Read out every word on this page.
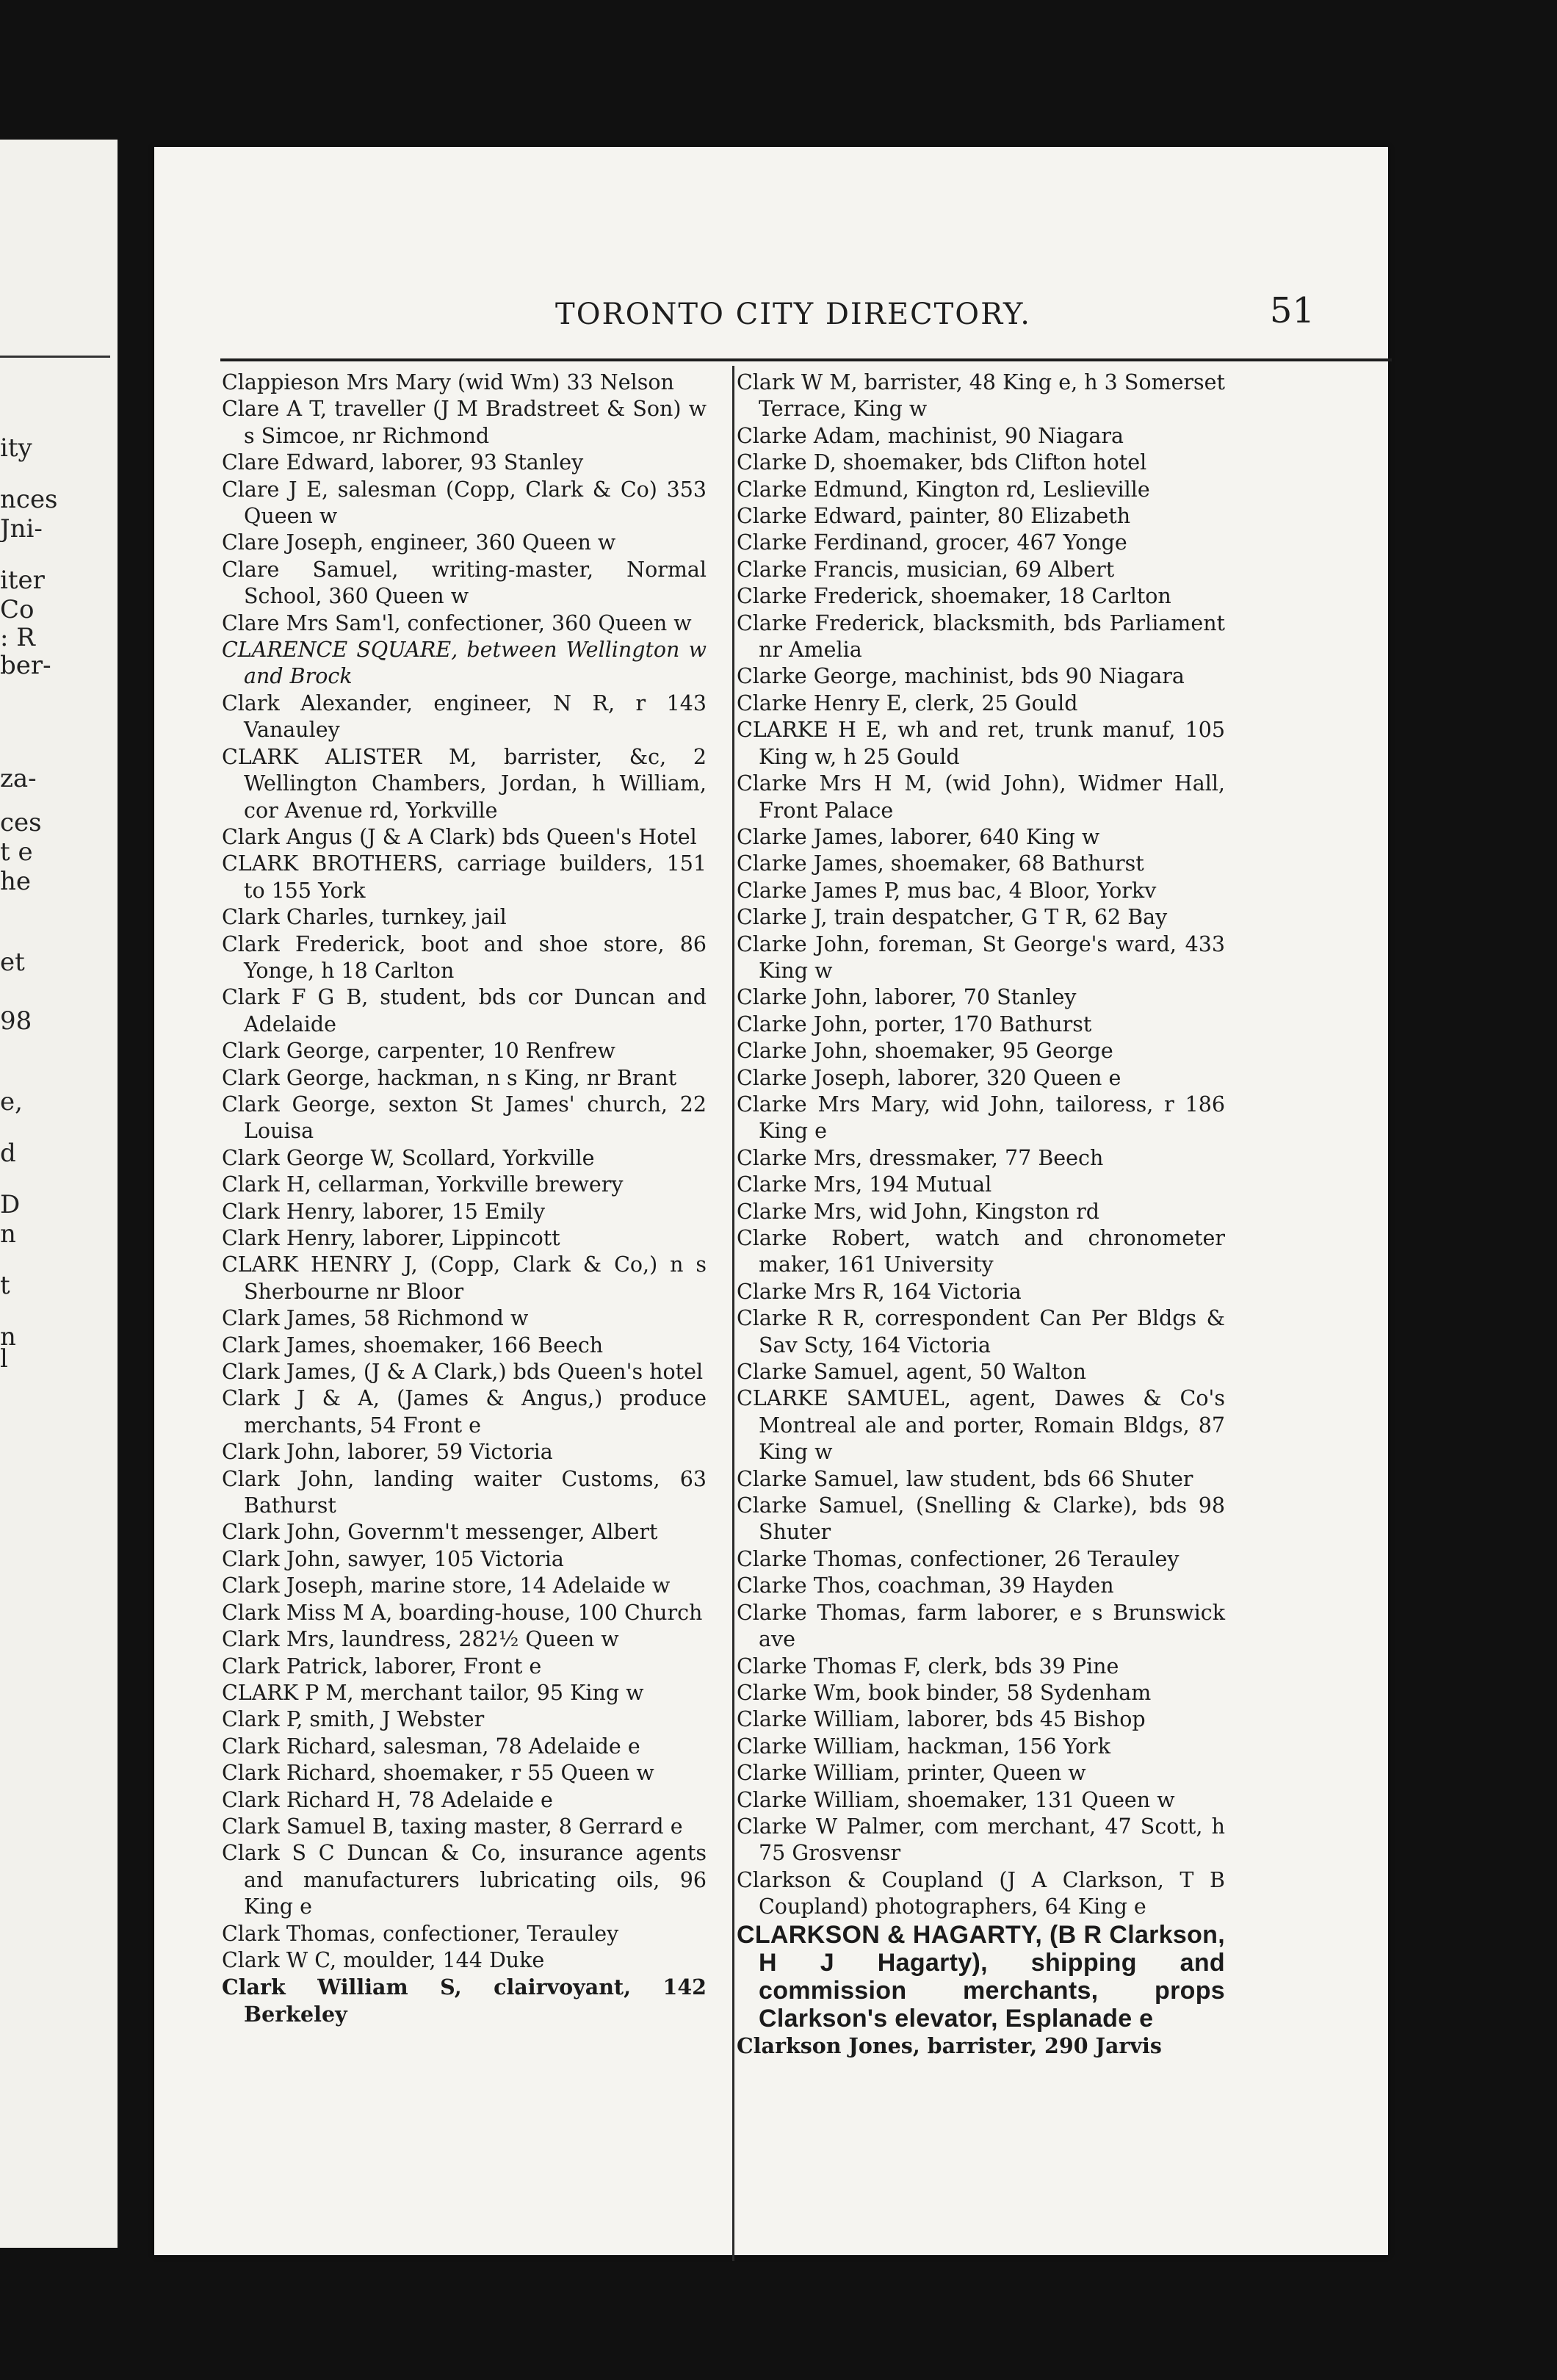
ity
nces
Jni-
iter
Co
: R
ber-
za-
ces
t e
he
et
98
e,
d
D
n
t
n
l
TORONTO CITY DIRECTORY.	51

Clappieson Mrs Mary (wid Wm) 33 Nelson

Clare A T, traveller (J M Bradstreet & Son) w s Simcoe, nr Richmond

Clare Edward, laborer, 93 Stanley

Clare J E, salesman (Copp, Clark & Co) 353 Queen w

Clare Joseph, engineer, 360 Queen w

Clare Samuel, writing-master, Normal School, 360 Queen w

Clare Mrs Sam'l, confectioner, 360 Queen w

CLARENCE SQUARE, between Wellington w and Brock

Clark Alexander, engineer, N R, r 143 Vanauley

CLARK ALISTER M, barrister, &c, 2 Wellington Chambers, Jordan, h William, cor Avenue rd, Yorkville

Clark Angus (J & A Clark) bds Queen's Hotel

CLARK BROTHERS, carriage builders, 151 to 155 York

Clark Charles, turnkey, jail

Clark Frederick, boot and shoe store, 86 Yonge, h 18 Carlton

Clark F G B, student, bds cor Duncan and Adelaide

Clark George, carpenter, 10 Renfrew

Clark George, hackman, n s King, nr Brant

Clark George, sexton St James' church, 22 Louisa

Clark George W, Scollard, Yorkville

Clark H, cellarman, Yorkville brewery

Clark Henry, laborer, 15 Emily

Clark Henry, laborer, Lippincott

CLARK HENRY J, (Copp, Clark & Co,) n s Sherbourne nr Bloor

Clark James, 58 Richmond w

Clark James, shoemaker, 166 Beech

Clark James, (J & A Clark,) bds Queen's hotel

Clark J & A, (James & Angus,) produce merchants, 54 Front e

Clark John, laborer, 59 Victoria

Clark John, landing waiter Customs, 63 Bathurst

Clark John, Governm't messenger, Albert

Clark John, sawyer, 105 Victoria

Clark Joseph, marine store, 14 Adelaide w

Clark Miss M A, boarding-house, 100 Church

Clark Mrs, laundress, 282½ Queen w

Clark Patrick, laborer, Front e

CLARK P M, merchant tailor, 95 King w

Clark P, smith, J Webster

Clark Richard, salesman, 78 Adelaide e

Clark Richard, shoemaker, r 55 Queen w

Clark Richard H, 78 Adelaide e

Clark Samuel B, taxing master, 8 Gerrard e

Clark S C Duncan & Co, insurance agents and manufacturers lubricating oils, 96 King e

Clark Thomas, confectioner, Terauley

Clark W C, moulder, 144 Duke

Clark William S, clairvoyant, 142 Berkeley

Clark W M, barrister, 48 King e, h 3 Somerset Terrace, King w

Clarke Adam, machinist, 90 Niagara

Clarke D, shoemaker, bds Clifton hotel

Clarke Edmund, Kington rd, Leslieville

Clarke Edward, painter, 80 Elizabeth

Clarke Ferdinand, grocer, 467 Yonge

Clarke Francis, musician, 69 Albert

Clarke Frederick, shoemaker, 18 Carlton

Clarke Frederick, blacksmith, bds Parliament nr Amelia

Clarke George, machinist, bds 90 Niagara

Clarke Henry E, clerk, 25 Gould

CLARKE H E, wh and ret, trunk manuf, 105 King w, h 25 Gould

Clarke Mrs H M, (wid John), Widmer Hall, Front Palace

Clarke James, laborer, 640 King w

Clarke James, shoemaker, 68 Bathurst

Clarke James P, mus bac, 4 Bloor, Yorkv

Clarke J, train despatcher, G T R, 62 Bay

Clarke John, foreman, St George's ward, 433 King w

Clarke John, laborer, 70 Stanley

Clarke John, porter, 170 Bathurst

Clarke John, shoemaker, 95 George

Clarke Joseph, laborer, 320 Queen e

Clarke Mrs Mary, wid John, tailoress, r 186 King e

Clarke Mrs, dressmaker, 77 Beech

Clarke Mrs, 194 Mutual

Clarke Mrs, wid John, Kingston rd

Clarke Robert, watch and chronometer maker, 161 University

Clarke Mrs R, 164 Victoria

Clarke R R, correspondent Can Per Bldgs & Sav Scty, 164 Victoria

Clarke Samuel, agent, 50 Walton

CLARKE SAMUEL, agent, Dawes & Co's Montreal ale and porter, Romain Bldgs, 87 King w

Clarke Samuel, law student, bds 66 Shuter

Clarke Samuel, (Snelling & Clarke), bds 98 Shuter

Clarke Thomas, confectioner, 26 Terauley

Clarke Thos, coachman, 39 Hayden

Clarke Thomas, farm laborer, e s Brunswick ave

Clarke Thomas F, clerk, bds 39 Pine

Clarke Wm, book binder, 58 Sydenham

Clarke William, laborer, bds 45 Bishop

Clarke William, hackman, 156 York

Clarke William, printer, Queen w

Clarke William, shoemaker, 131 Queen w

Clarke W Palmer, com merchant, 47 Scott, h 75 Grosvensr

Clarkson & Coupland (J A Clarkson, T B Coupland) photographers, 64 King e

CLARKSON & HAGARTY, (B R Clarkson, H J Hagarty), shipping and commission merchants, props Clarkson's elevator, Esplanade e

Clarkson Jones, barrister, 290 Jarvis
